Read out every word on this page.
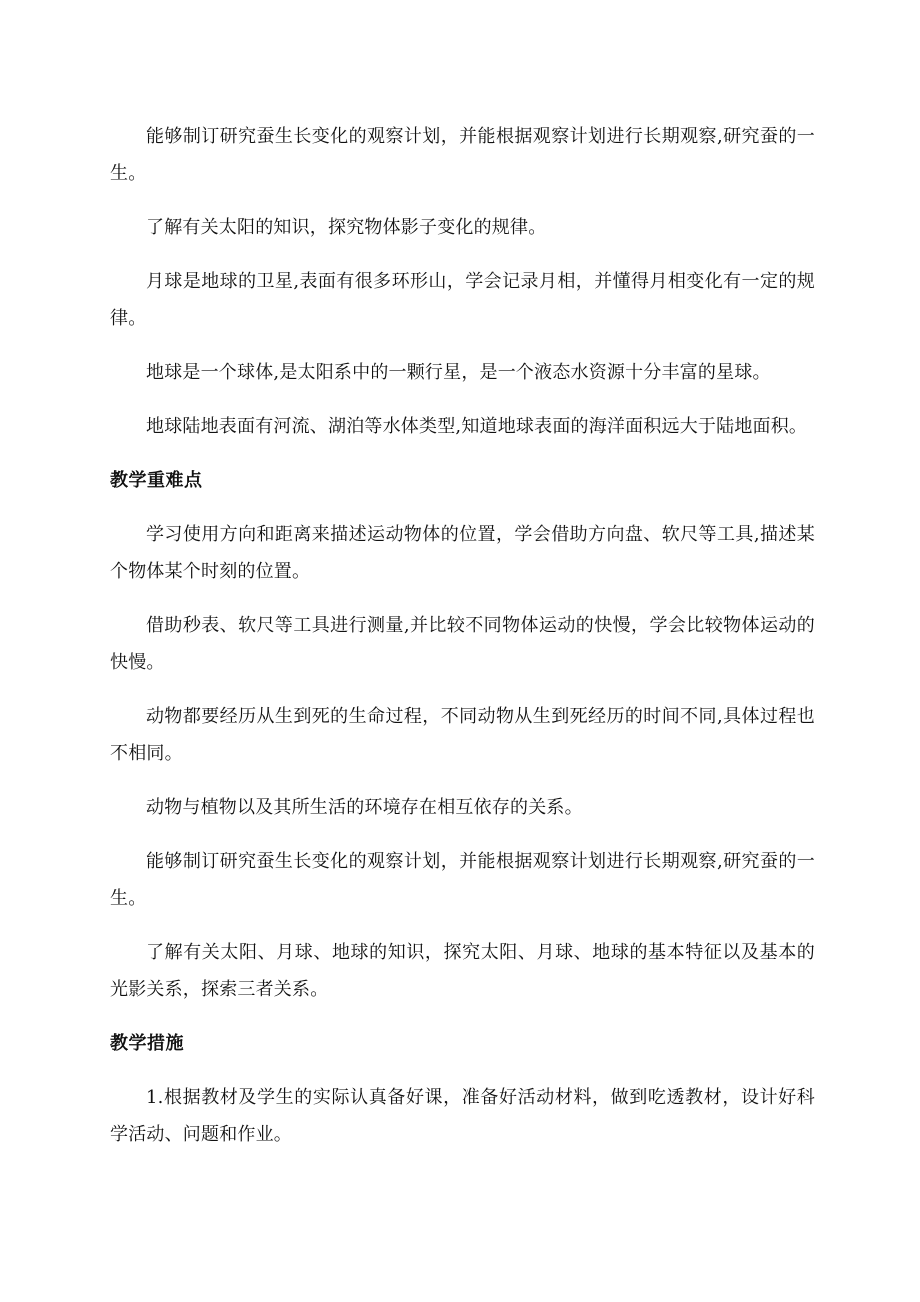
能够制订研究蚕生长变化的观察计划，并能根据观察计划进行长期观察,研究蚕的一生。

了解有关太阳的知识，探究物体影子变化的规律。

月球是地球的卫星,表面有很多环形山，学会记录月相，并懂得月相变化有一定的规律。

地球是一个球体,是太阳系中的一颗行星，是一个液态水资源十分丰富的星球。

地球陆地表面有河流、湖泊等水体类型,知道地球表面的海洋面积远大于陆地面积。

教学重难点

学习使用方向和距离来描述运动物体的位置，学会借助方向盘、软尺等工具,描述某个物体某个时刻的位置。

借助秒表、软尺等工具进行测量,并比较不同物体运动的快慢，学会比较物体运动的快慢。

动物都要经历从生到死的生命过程，不同动物从生到死经历的时间不同,具体过程也不相同。

动物与植物以及其所生活的环境存在相互依存的关系。

能够制订研究蚕生长变化的观察计划，并能根据观察计划进行长期观察,研究蚕的一生。

了解有关太阳、月球、地球的知识，探究太阳、月球、地球的基本特征以及基本的光影关系，探索三者关系。

教学措施

1.根据教材及学生的实际认真备好课，准备好活动材料，做到吃透教材，设计好科学活动、问题和作业。
